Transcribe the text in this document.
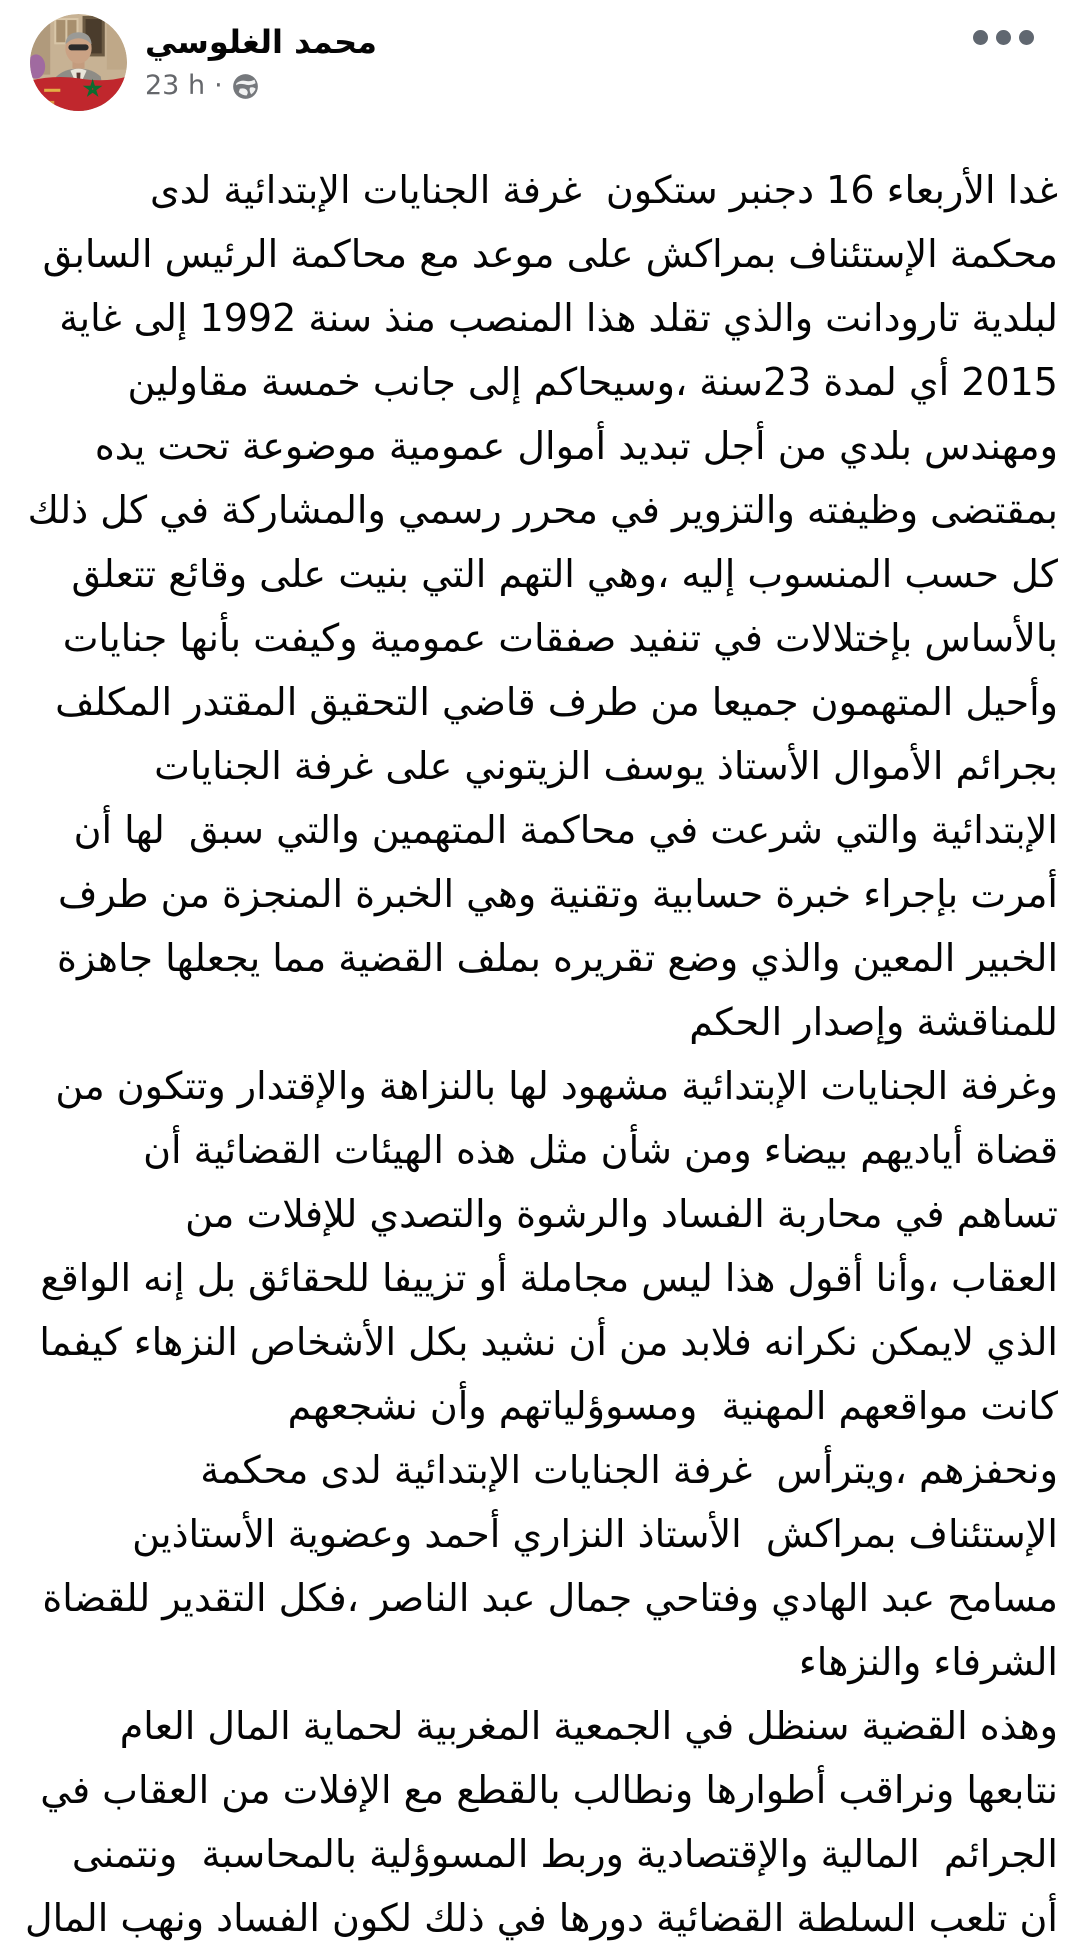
محمد الغلوسي
23 h ·
غدا الأربعاء 16 دجنبر ستكون  غرفة الجنايات الإبتدائية لدى
محكمة الإستئناف بمراكش على موعد مع محاكمة الرئيس السابق
لبلدية تارودانت والذي تقلد هذا المنصب منذ سنة 1992 إلى غاية
2015 أي لمدة 23سنة ،وسيحاكم إلى جانب خمسة مقاولين
ومهندس بلدي من أجل تبديد أموال عمومية موضوعة تحت يده
بمقتضى وظيفته والتزوير في محرر رسمي والمشاركة في كل ذلك
كل حسب المنسوب إليه ،وهي التهم التي بنيت على وقائع تتعلق
بالأساس بإختلالات في تنفيد صفقات عمومية وكيفت بأنها جنايات
وأحيل المتهمون جميعا من طرف قاضي التحقيق المقتدر المكلف
بجرائم الأموال الأستاذ يوسف الزيتوني على غرفة الجنايات
الإبتدائية والتي شرعت في محاكمة المتهمين والتي سبق  لها أن
أمرت بإجراء خبرة حسابية وتقنية وهي الخبرة المنجزة من طرف
الخبير المعين والذي وضع تقريره بملف القضية مما يجعلها جاهزة
للمناقشة وإصدار الحكم
وغرفة الجنايات الإبتدائية مشهود لها بالنزاهة والإقتدار وتتكون من
قضاة أياديهم بيضاء ومن شأن مثل هذه الهيئات القضائية أن
تساهم في محاربة الفساد والرشوة والتصدي للإفلات من
العقاب ،وأنا أقول هذا ليس مجاملة أو تزييفا للحقائق بل إنه الواقع
الذي لايمكن نكرانه فلابد من أن نشيد بكل الأشخاص النزهاء كيفما
كانت مواقعهم المهنية  ومسوؤلياتهم وأن نشجعهم
ونحفزهم ،ويترأس  غرفة الجنايات الإبتدائية لدى محكمة
الإستئناف بمراكش  الأستاذ النزاري أحمد وعضوية الأستاذين
مسامح عبد الهادي وفتاحي جمال عبد الناصر ،فكل التقدير للقضاة
الشرفاء والنزهاء
وهذه القضية سنظل في الجمعية المغربية لحماية المال العام
نتابعها ونراقب أطوارها ونطالب بالقطع مع الإفلات من العقاب في
الجرائم  المالية والإقتصادية وربط المسوؤلية بالمحاسبة  ونتمنى
أن تلعب السلطة القضائية دورها في ذلك لكون الفساد ونهب المال
